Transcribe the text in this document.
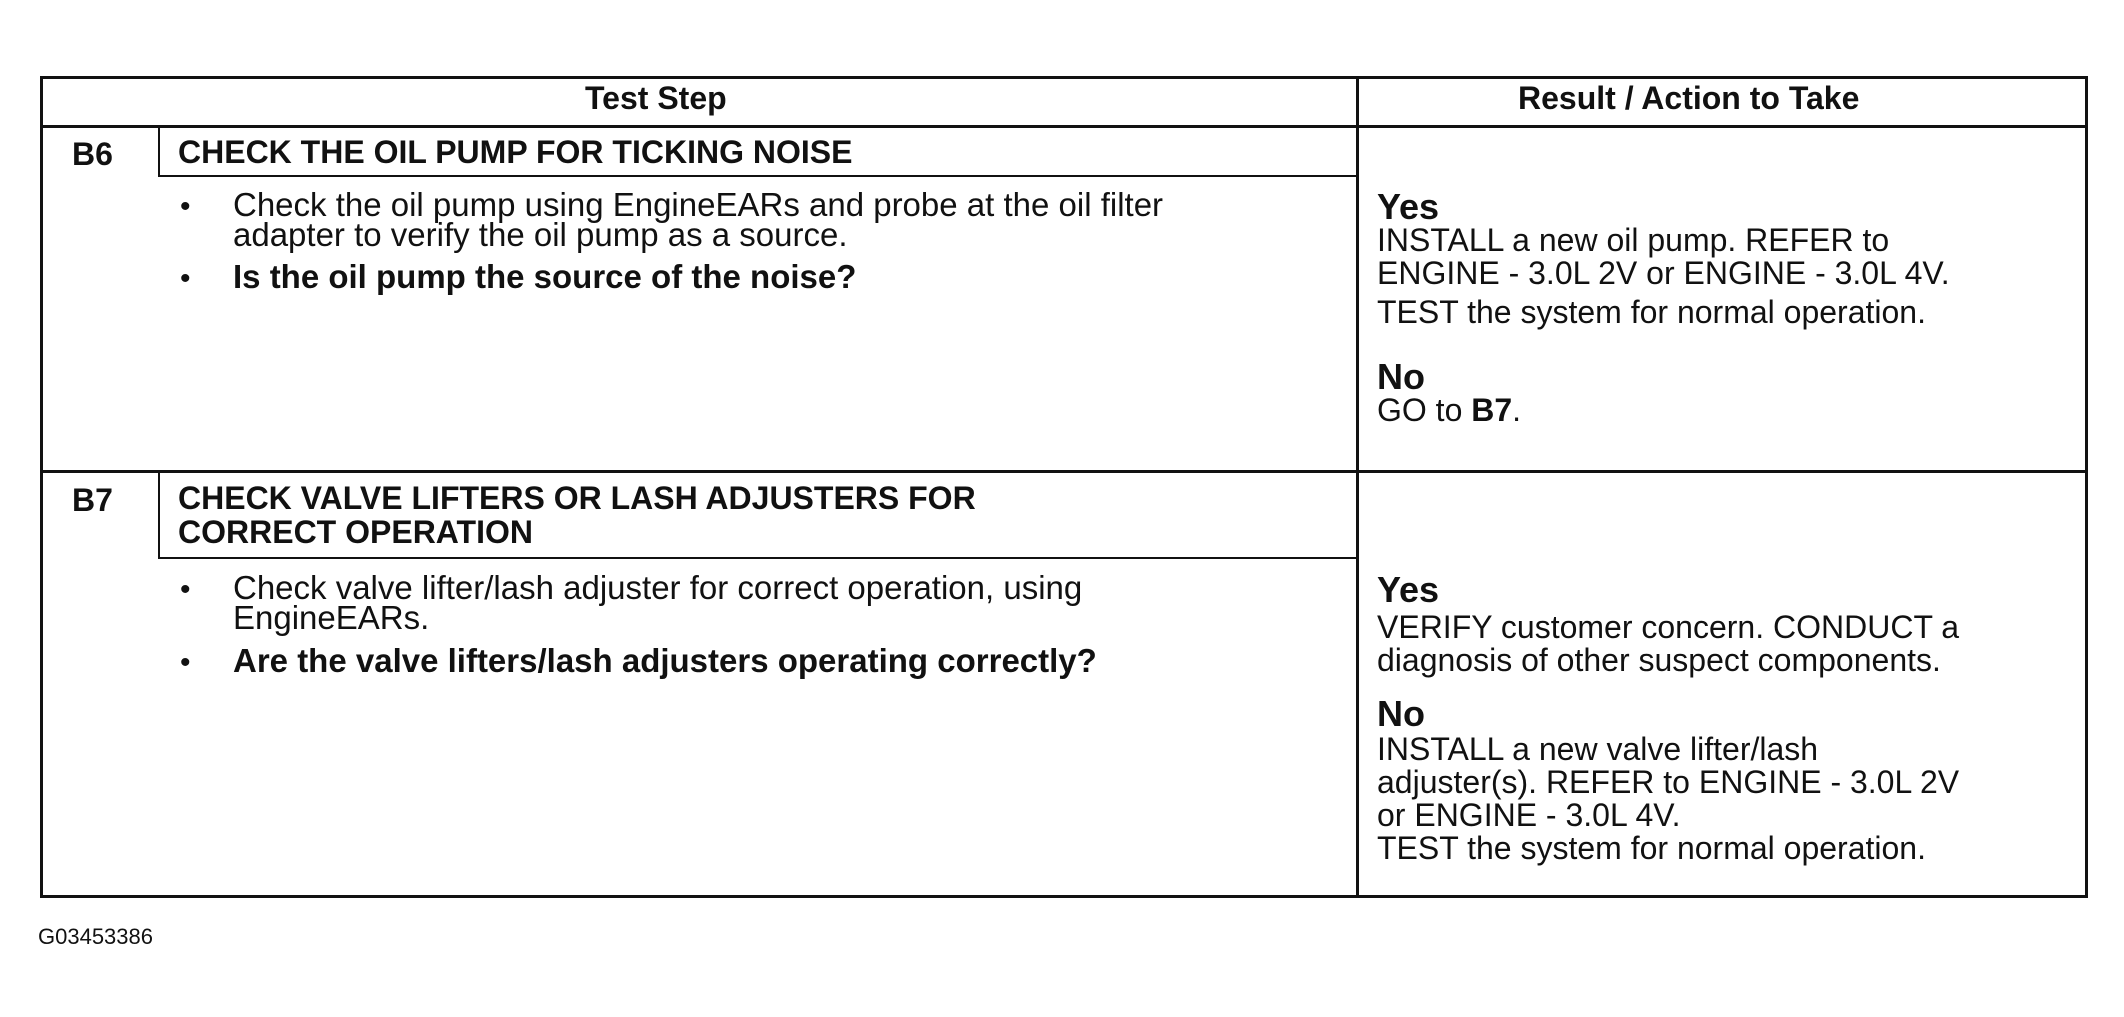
Test Step	Result / Action to Take
B6 CHECK THE OIL PUMP FOR TICKING NOISE
• Check the oil pump using EngineEARs and probe at the oil filter
adapter to verify the oil pump as a source.
• Is the oil pump the source of the noise?
Yes
INSTALL a new oil pump. REFER to
ENGINE - 3.0L 2V or ENGINE - 3.0L 4V.
TEST the system for normal operation.
No
GO to B7.
B7 CHECK VALVE LIFTERS OR LASH ADJUSTERS FOR
CORRECT OPERATION
• Check valve lifter/lash adjuster for correct operation, using
EngineEARs.
• Are the valve lifters/lash adjusters operating correctly?
Yes
VERIFY customer concern. CONDUCT a
diagnosis of other suspect components.
No
INSTALL a new valve lifter/lash
adjuster(s). REFER to ENGINE - 3.0L 2V
or ENGINE - 3.0L 4V.
TEST the system for normal operation.
G03453386
